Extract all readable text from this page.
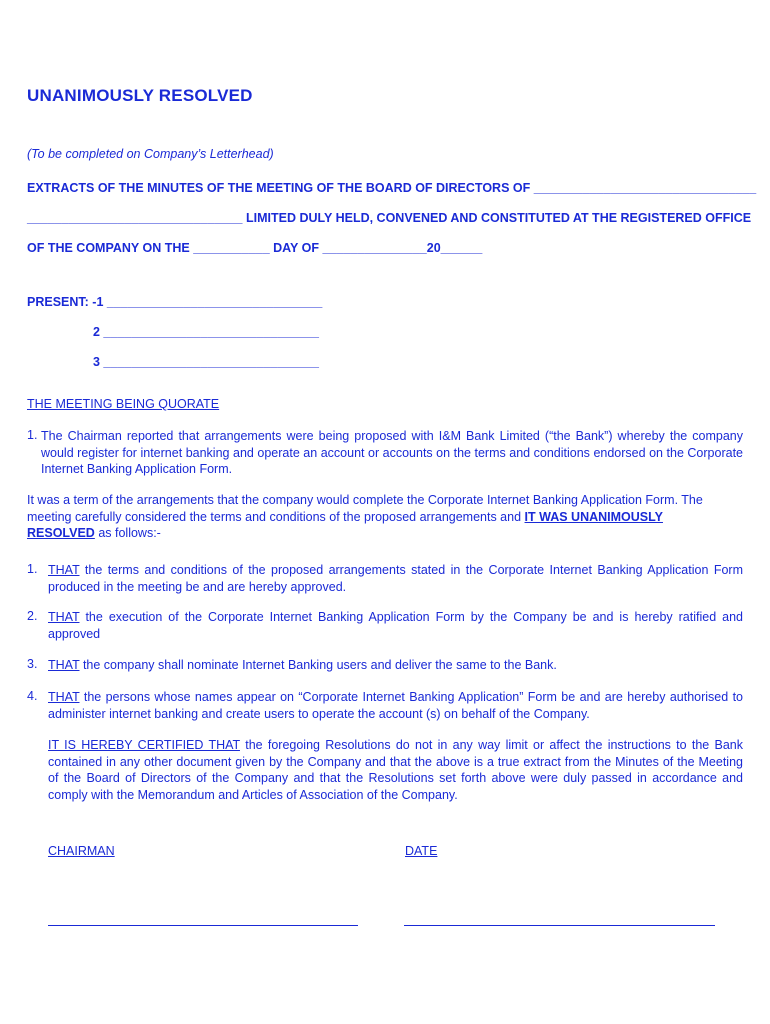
UNANIMOUSLY RESOLVED
(To be completed on Company’s Letterhead)
EXTRACTS OF THE MINUTES OF THE MEETING OF THE BOARD OF DIRECTORS OF ________________________________
_______________________________ LIMITED DULY HELD, CONVENED AND CONSTITUTED AT THE REGISTERED OFFICE
OF THE COMPANY ON THE ___________ DAY OF _______________20______
PRESENT: -1 _______________________________
2 _______________________________
3 _______________________________
THE MEETING BEING QUORATE
1. The Chairman reported that arrangements were being proposed with I&M Bank Limited (“the Bank”) whereby the company would register for internet banking and operate an account or accounts on the terms and conditions endorsed on the Corporate Internet Banking Application Form.
It was a term of the arrangements that the company would complete the Corporate Internet Banking Application Form. The meeting carefully considered the terms and conditions of the proposed arrangements and IT WAS UNANIMOUSLY RESOLVED as follows:-
1. THAT the terms and conditions of the proposed arrangements stated in the Corporate Internet Banking Application Form produced in the meeting be and are hereby approved.
2. THAT the execution of the Corporate Internet Banking Application Form by the Company be and is hereby ratified and approved
3. THAT the company shall nominate Internet Banking users and deliver the same to the Bank.
4. THAT the persons whose names appear on “Corporate Internet Banking Application” Form be and are hereby authorised to administer internet banking and create users to operate the account (s) on behalf of the Company.
IT IS HEREBY CERTIFIED THAT the foregoing Resolutions do not in any way limit or affect the instructions to the Bank contained in any other document given by the Company and that the above is a true extract from the Minutes of the Meeting of the Board of Directors of the Company and that the Resolutions set forth above were duly passed in accordance and comply with the Memorandum and Articles of Association of the Company.
CHAIRMAN	DATE
